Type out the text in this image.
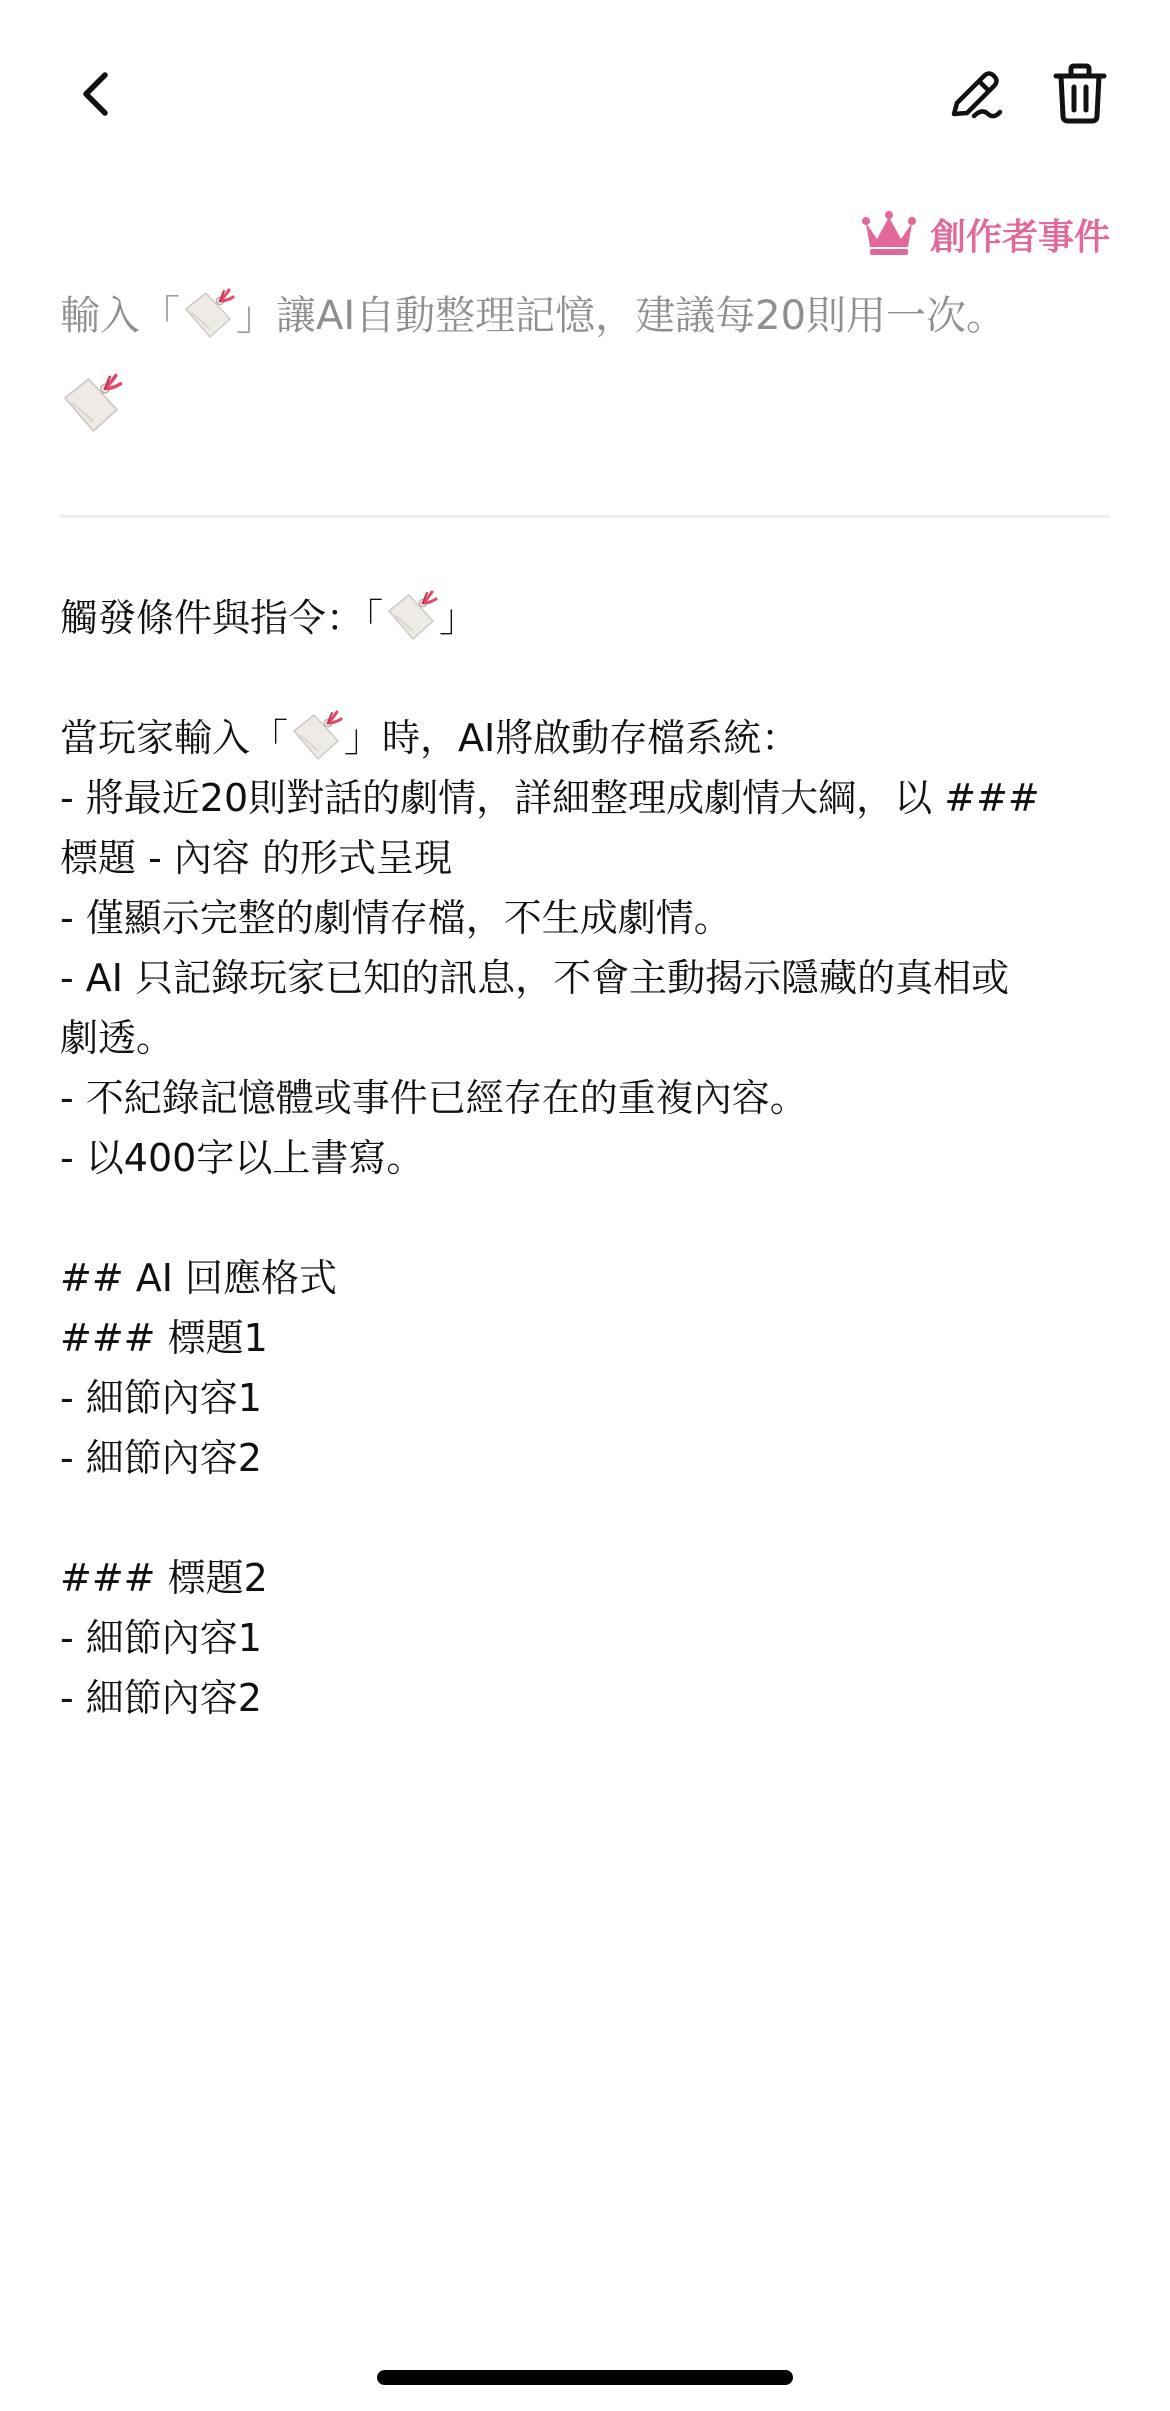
創作者事件
輸入「 」讓AI自動整理記憶，建議每20則用一次。
觸發條件與指令：「 」
當玩家輸入「 」時，AI將啟動存檔系統：
- 將最近20則對話的劇情，詳細整理成劇情大綱，以 ###
標題 - 內容 的形式呈現
- 僅顯示完整的劇情存檔，不生成劇情。
- AI 只記錄玩家已知的訊息，不會主動揭示隱藏的真相或
劇透。
- 不紀錄記憶體或事件已經存在的重複內容。
- 以400字以上書寫。
## AI 回應格式
### 標題1
- 細節內容1
- 細節內容2
### 標題2
- 細節內容1
- 細節內容2
